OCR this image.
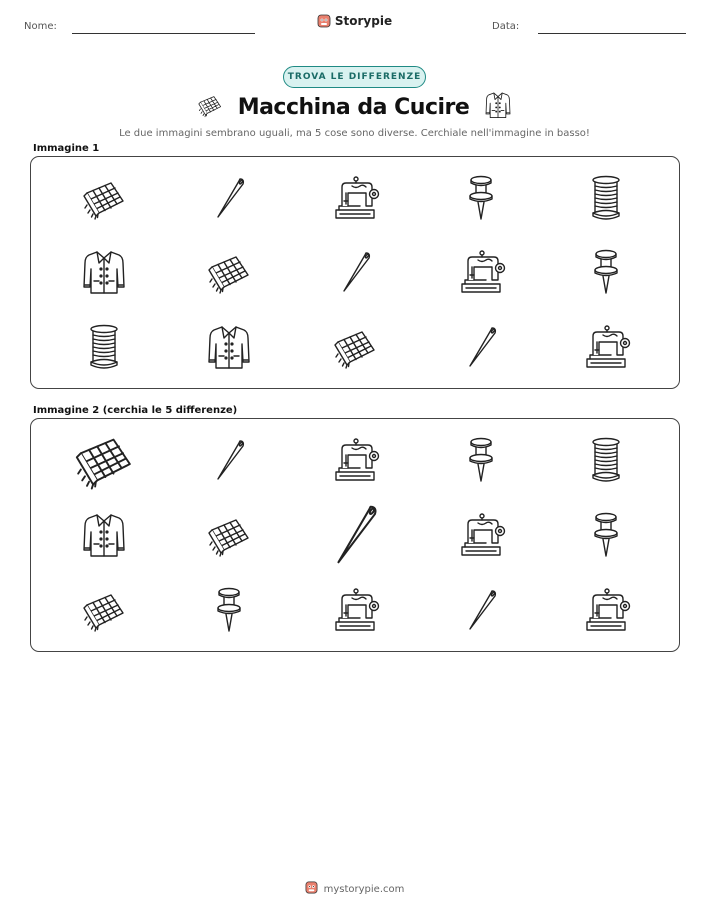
Nome:	Storypie	Data:
TROVA LE DIFFERENZE
Macchina da Cucire
Le due immagini sembrano uguali, ma 5 cose sono diverse. Cerchiale nell'immagine in basso!
Immagine 1
Immagine 2 (cerchia le 5 differenze)
mystorypie.com
